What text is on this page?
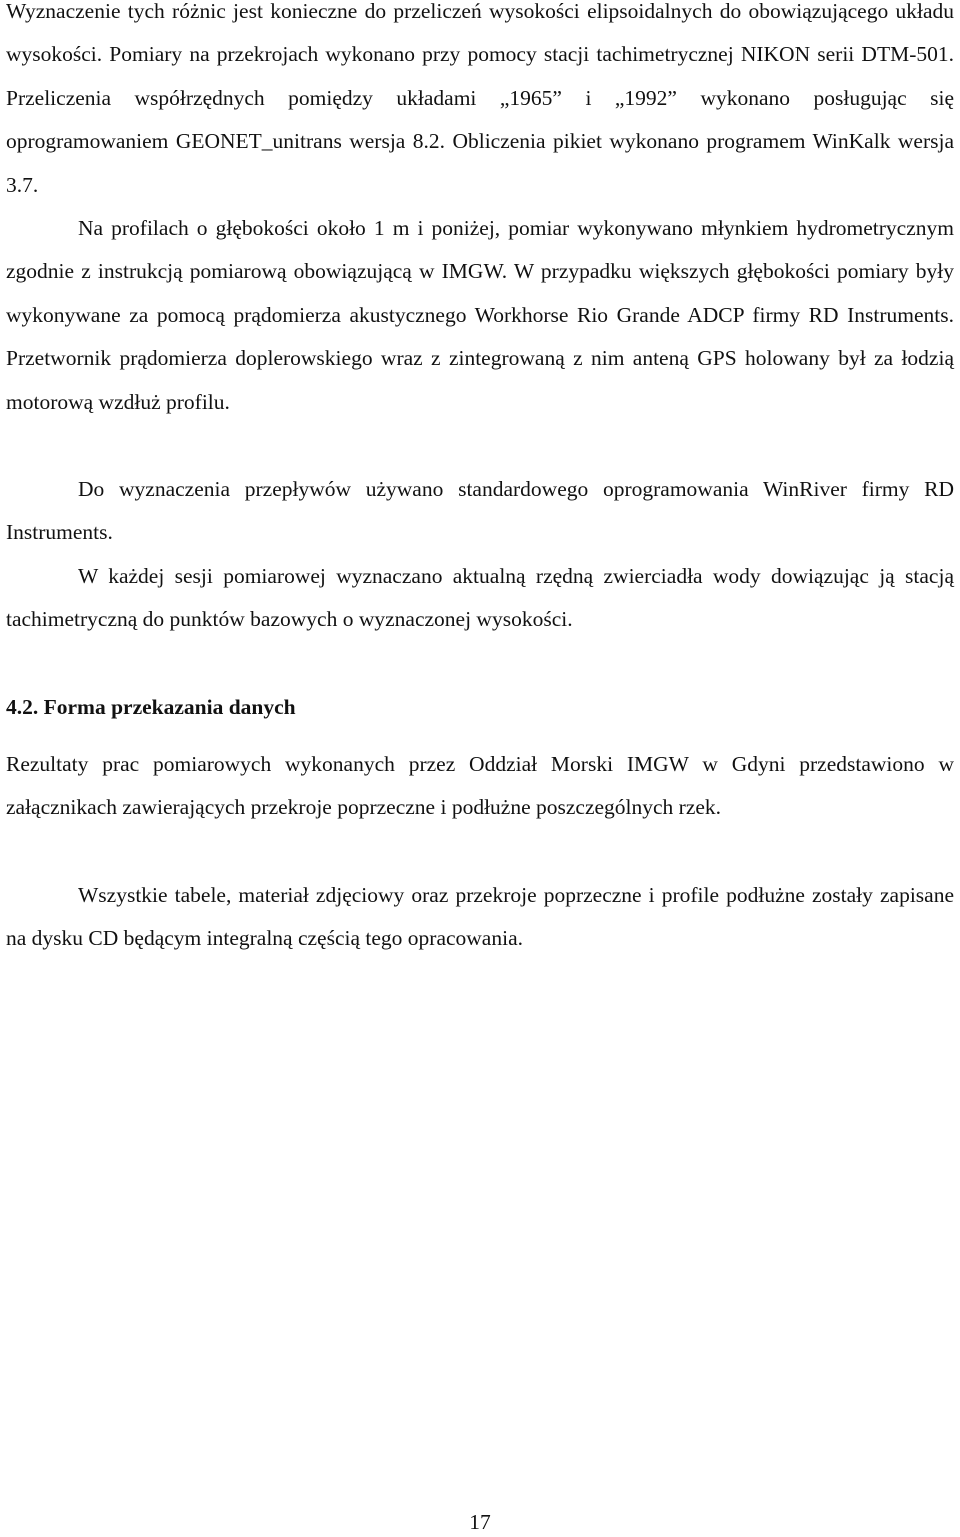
Wyznaczenie tych różnic jest konieczne do przeliczeń wysokości elipsoidalnych do obowiązującego układu wysokości. Pomiary na przekrojach wykonano przy pomocy stacji tachimetrycznej NIKON serii DTM-501. Przeliczenia współrzędnych pomiędzy układami „1965” i „1992” wykonano posługując się oprogramowaniem GEONET_unitrans wersja 8.2. Obliczenia pikiet wykonano programem WinKalk wersja 3.7.

Na profilach o głębokości około 1 m i poniżej, pomiar wykonywano młynkiem hydrometrycznym zgodnie z instrukcją pomiarową obowiązującą w IMGW. W przypadku większych głębokości pomiary były wykonywane za pomocą prądomierza akustycznego Workhorse Rio Grande ADCP firmy RD Instruments. Przetwornik prądomierza doplerowskiego wraz z zintegrowaną z nim anteną GPS holowany był za łodzią motorową wzdłuż profilu.

Do wyznaczenia przepływów używano standardowego oprogramowania WinRiver firmy RD Instruments.

W każdej sesji pomiarowej wyznaczano aktualną rzędną zwierciadła wody dowiązując ją stacją tachimetryczną do punktów bazowych o wyznaczonej wysokości.

4.2. Forma przekazania danych

Rezultaty prac pomiarowych wykonanych przez Oddział Morski IMGW w Gdyni przedstawiono w załącznikach zawierających przekroje poprzeczne i podłużne poszczególnych rzek.

Wszystkie tabele, materiał zdjęciowy oraz przekroje poprzeczne i profile podłużne zostały zapisane na dysku CD będącym integralną częścią tego opracowania.

17
